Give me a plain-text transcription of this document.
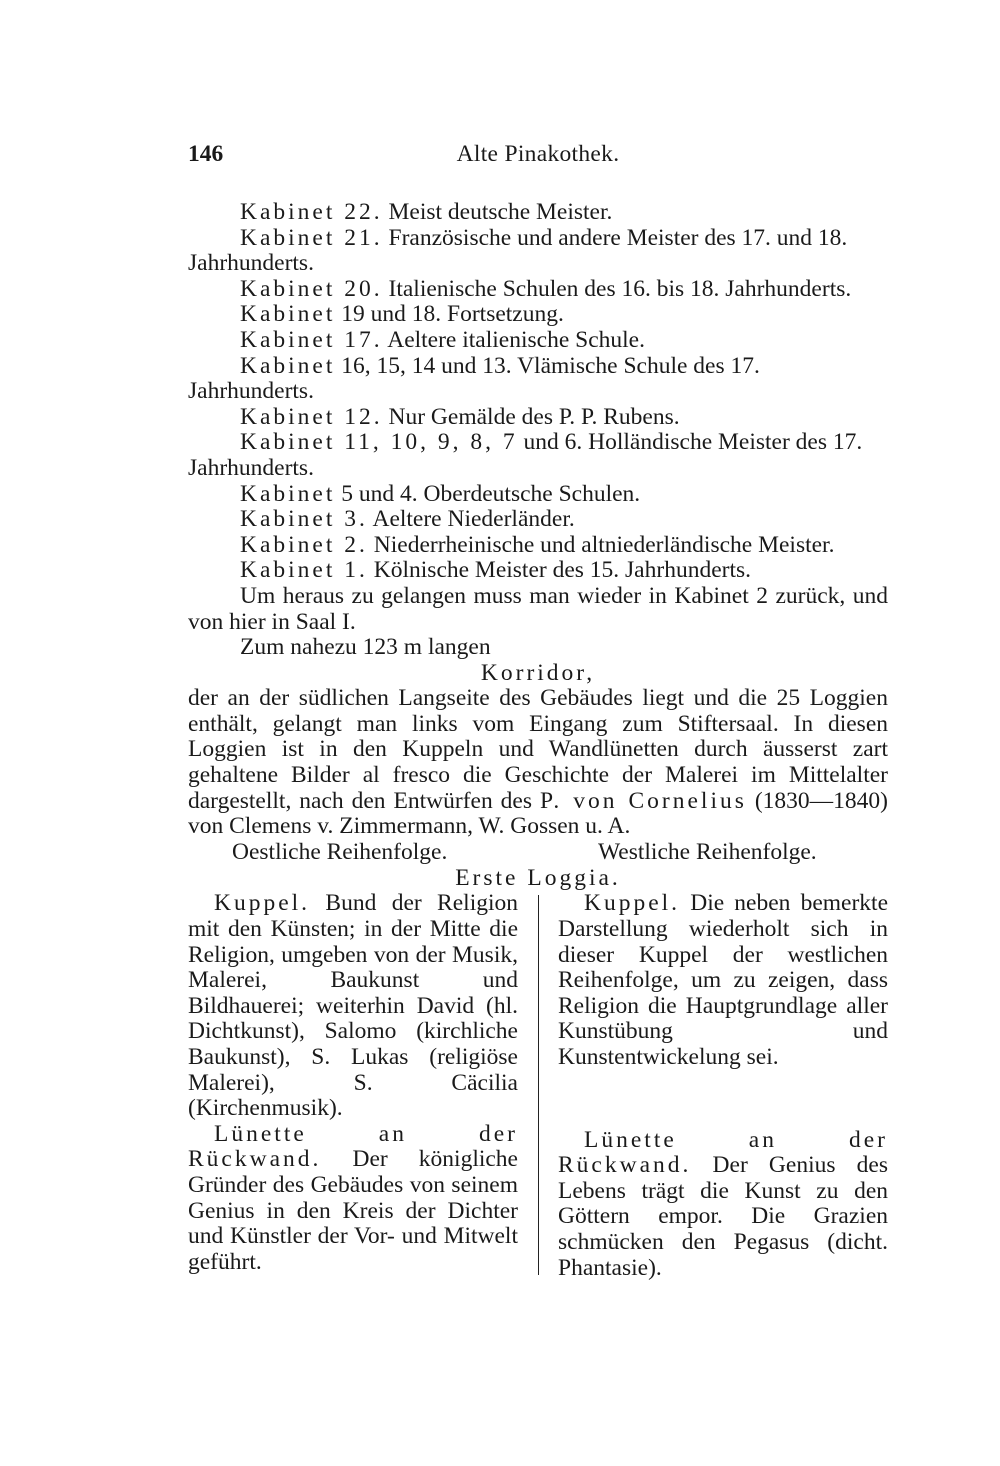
146	Alte Pinakothek.

Kabinet 22. Meist deutsche Meister.

Kabinet 21. Französische und andere Meister des 17. und 18. Jahrhunderts.

Kabinet 20. Italienische Schulen des 16. bis 18. Jahrhunderts.

Kabinet 19 und 18. Fortsetzung.

Kabinet 17. Aeltere italienische Schule.

Kabinet 16, 15, 14 und 13. Vlämische Schule des 17. Jahrhunderts.

Kabinet 12. Nur Gemälde des P. P. Rubens.

Kabinet 11, 10, 9, 8, 7 und 6. Holländische Meister des 17. Jahrhunderts.

Kabinet 5 und 4. Oberdeutsche Schulen.

Kabinet 3. Aeltere Niederländer.

Kabinet 2. Niederrheinische und altniederländische Meister.

Kabinet 1. Kölnische Meister des 15. Jahrhunderts.

Um heraus zu gelangen muss man wieder in Kabinet 2 zurück, und von hier in Saal I.

Zum nahezu 123 m langen

Korridor,

der an der südlichen Langseite des Gebäudes liegt und die 25 Loggien enthält, gelangt man links vom Eingang zum Stiftersaal. In diesen Loggien ist in den Kuppeln und Wandlünetten durch äusserst zart gehaltene Bilder al fresco die Geschichte der Malerei im Mittelalter dargestellt, nach den Entwürfen des P. von Cornelius (1830—1840) von Clemens v. Zimmermann, W. Gossen u. A.

Oestliche Reihenfolge.	Westliche Reihenfolge.

Erste Loggia.

Kuppel. Bund der Religion mit den Künsten; in der Mitte die Religion, umgeben von der Musik, Malerei, Baukunst und Bildhauerei; weiterhin David (hl. Dichtkunst), Salomo (kirchliche Baukunst), S. Lukas (religiöse Malerei), S. Cäcilia (Kirchenmusik).

Lünette an der Rückwand. Der königliche Gründer des Gebäudes von seinem Genius in den Kreis der Dichter und Künstler der Vor- und Mitwelt geführt.

Kuppel. Die neben bemerkte Darstellung wiederholt sich in dieser Kuppel der westlichen Reihenfolge, um zu zeigen, dass Religion die Hauptgrundlage aller Kunstübung und Kunstentwickelung sei.

Lünette an der Rückwand. Der Genius des Lebens trägt die Kunst zu den Göttern empor. Die Grazien schmücken den Pegasus (dicht. Phantasie).
